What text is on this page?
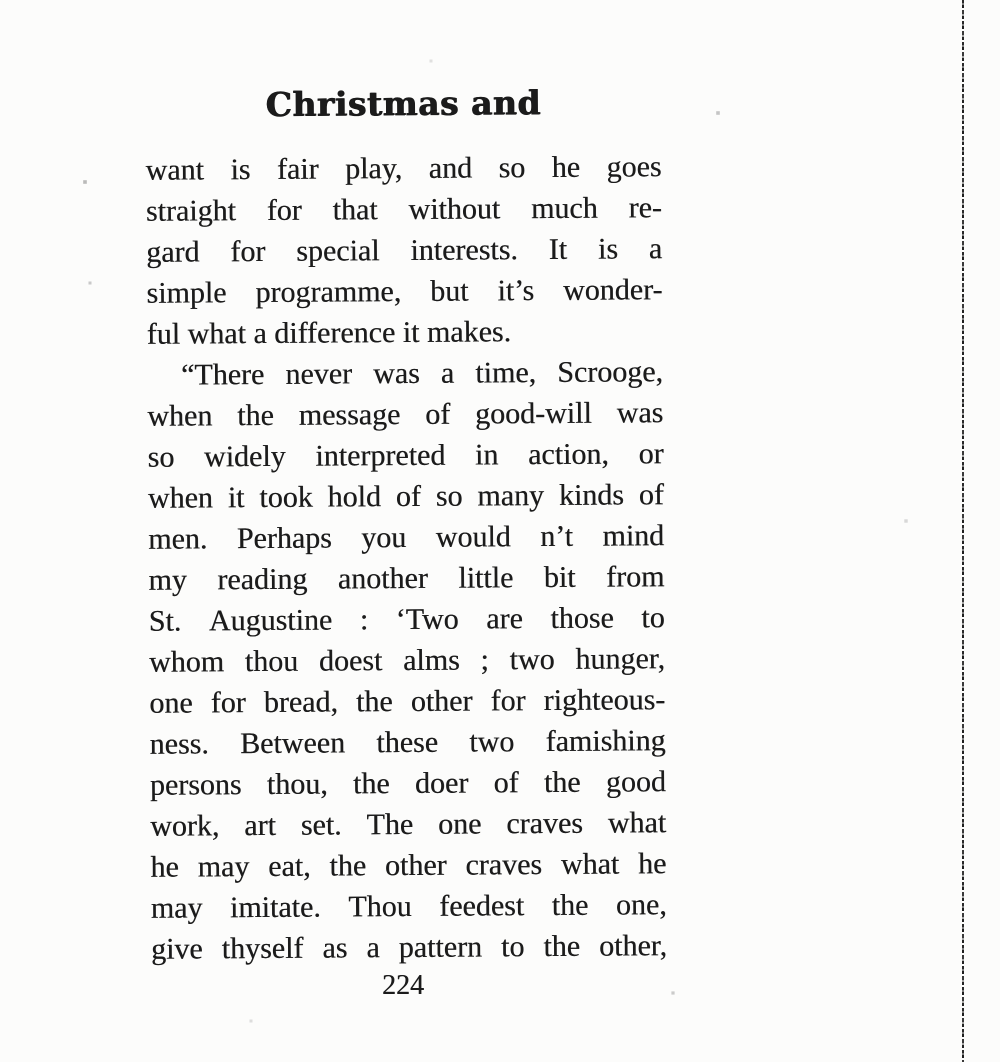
Christmas and
want is fair play, and so he goes
straight for that without much re-
gard for special interests. It is a
simple programme, but it’s wonder-
ful what a difference it makes.
“There never was a time, Scrooge,
when the message of good-will was
so widely interpreted in action, or
when it took hold of so many kinds of
men. Perhaps you would n’t mind
my reading another little bit from
St. Augustine : ‘Two are those to
whom thou doest alms ; two hunger,
one for bread, the other for righteous-
ness. Between these two famishing
persons thou, the doer of the good
work, art set. The one craves what
he may eat, the other craves what he
may imitate. Thou feedest the one,
give thyself as a pattern to the other,
224
